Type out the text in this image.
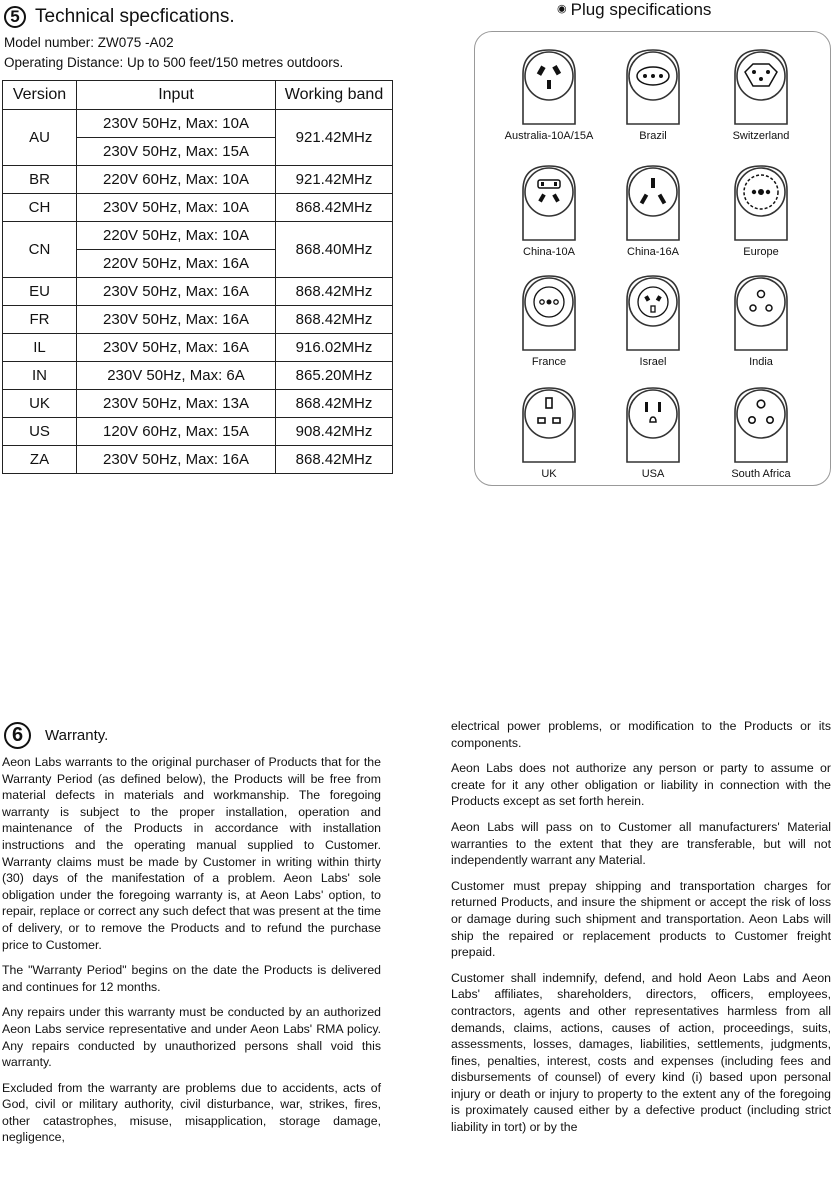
5 Technical specfications.
Model number: ZW075 -A02
Operating Distance: Up to 500 feet/150 metres outdoors.
Version	Input	Working band
AU	230V 50Hz, Max: 10A	921.42MHz
	230V 50Hz, Max: 15A	
BR	220V 60Hz, Max: 10A	921.42MHz
CH	230V 50Hz, Max: 10A	868.42MHz
CN	220V 50Hz, Max: 10A	868.40MHz
	220V 50Hz, Max: 16A	
EU	230V 50Hz, Max: 16A	868.42MHz
FR	230V 50Hz, Max: 16A	868.42MHz
IL	230V 50Hz, Max: 16A	916.02MHz
IN	230V 50Hz, Max: 6A	865.20MHz
UK	230V 50Hz, Max: 13A	868.42MHz
US	120V 60Hz, Max: 15A	908.42MHz
ZA	230V 50Hz, Max: 16A	868.42MHz
◉ Plug specifications
Australia-10A/15A	Brazil	Switzerland
China-10A	China-16A	Europe
France	Israel	India
UK	USA	South Africa
6	Warranty.

Aeon Labs warrants to the original purchaser of Products that for the Warranty Period (as defined below), the Products will be free from material defects in materials and workmanship. The foregoing warranty is subject to the proper installation, operation and maintenance of the Products in accordance with installation instructions and the operating manual supplied to Customer. Warranty claims must be made by Customer in writing within thirty (30) days of the manifestation of a problem. Aeon Labs' sole obligation under the foregoing warranty is, at Aeon Labs' option, to repair, replace or correct any such defect that was present at the time of delivery, or to remove the Products and to refund the purchase price to Customer.

The "Warranty Period" begins on the date the Products is delivered and continues for 12 months.

Any repairs under this warranty must be conducted by an authorized Aeon Labs service representative and under Aeon Labs' RMA policy. Any repairs conducted by unauthorized persons shall void this warranty.

Excluded from the warranty are problems due to accidents, acts of God, civil or military authority, civil disturbance, war, strikes, fires, other catastrophes, misuse, misapplication, storage damage, negligence,

electrical power problems, or modification to the Products or its components.

Aeon Labs does not authorize any person or party to assume or create for it any other obligation or liability in connection with the Products except as set forth herein.

Aeon Labs will pass on to Customer all manufacturers' Material warranties to the extent that they are transferable, but will not independently warrant any Material.

Customer must prepay shipping and transportation charges for returned Products, and insure the shipment or accept the risk of loss or damage during such shipment and transportation. Aeon Labs will ship the repaired or replacement products to Customer freight prepaid.

Customer shall indemnify, defend, and hold Aeon Labs and Aeon Labs' affiliates, shareholders, directors, officers, employees, contractors, agents and other representatives harmless from all demands, claims, actions, causes of action, proceedings, suits, assessments, losses, damages, liabilities, settlements, judgments, fines, penalties, interest, costs and expenses (including fees and disbursements of counsel) of every kind (i) based upon personal injury or death or injury to property to the extent any of the foregoing is proximately caused either by a defective product (including strict liability in tort) or by the
